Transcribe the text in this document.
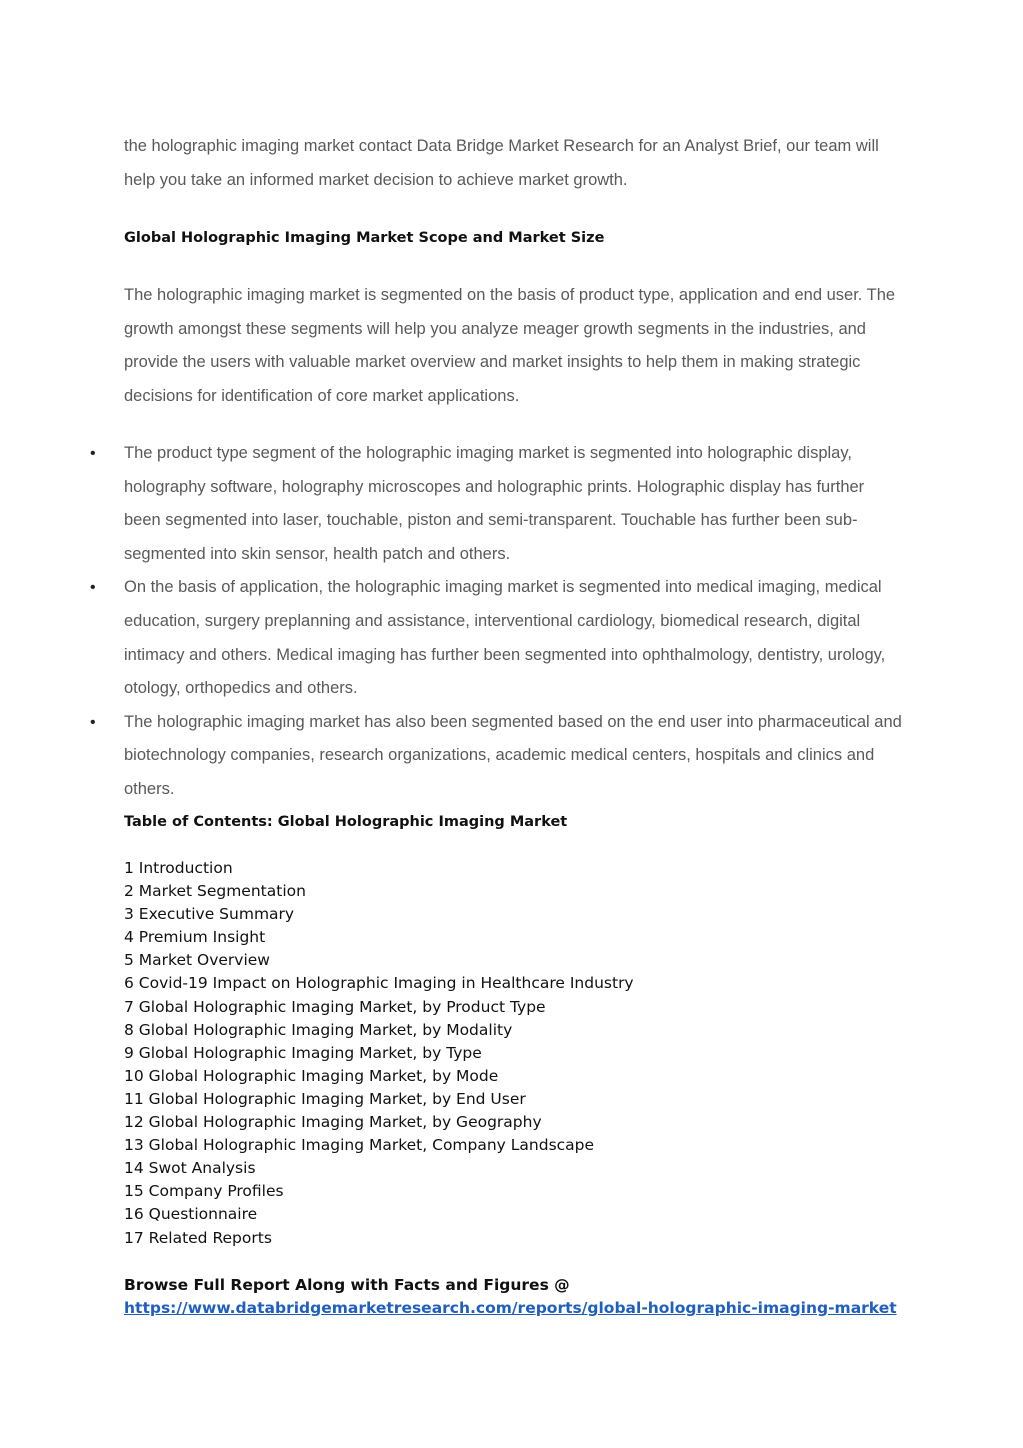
the holographic imaging market contact Data Bridge Market Research for an Analyst Brief, our team will help you take an informed market decision to achieve market growth.

Global Holographic Imaging Market Scope and Market Size

The holographic imaging market is segmented on the basis of product type, application and end user. The growth amongst these segments will help you analyze meager growth segments in the industries, and provide the users with valuable market overview and market insights to help them in making strategic decisions for identification of core market applications.

• The product type segment of the holographic imaging market is segmented into holographic display, holography software, holography microscopes and holographic prints. Holographic display has further been segmented into laser, touchable, piston and semi-transparent. Touchable has further been sub-segmented into skin sensor, health patch and others.
• On the basis of application, the holographic imaging market is segmented into medical imaging, medical education, surgery preplanning and assistance, interventional cardiology, biomedical research, digital intimacy and others. Medical imaging has further been segmented into ophthalmology, dentistry, urology, otology, orthopedics and others.
• The holographic imaging market has also been segmented based on the end user into pharmaceutical and biotechnology companies, research organizations, academic medical centers, hospitals and clinics and others.
Table of Contents: Global Holographic Imaging Market
1 Introduction
2 Market Segmentation
3 Executive Summary
4 Premium Insight
5 Market Overview
6 Covid-19 Impact on Holographic Imaging in Healthcare Industry
7 Global Holographic Imaging Market, by Product Type
8 Global Holographic Imaging Market, by Modality
9 Global Holographic Imaging Market, by Type
10 Global Holographic Imaging Market, by Mode
11 Global Holographic Imaging Market, by End User
12 Global Holographic Imaging Market, by Geography
13 Global Holographic Imaging Market, Company Landscape
14 Swot Analysis
15 Company Profiles
16 Questionnaire
17 Related Reports

Browse Full Report Along with Facts and Figures @

https://www.databridgemarketresearch.com/reports/global-holographic-imaging-market
